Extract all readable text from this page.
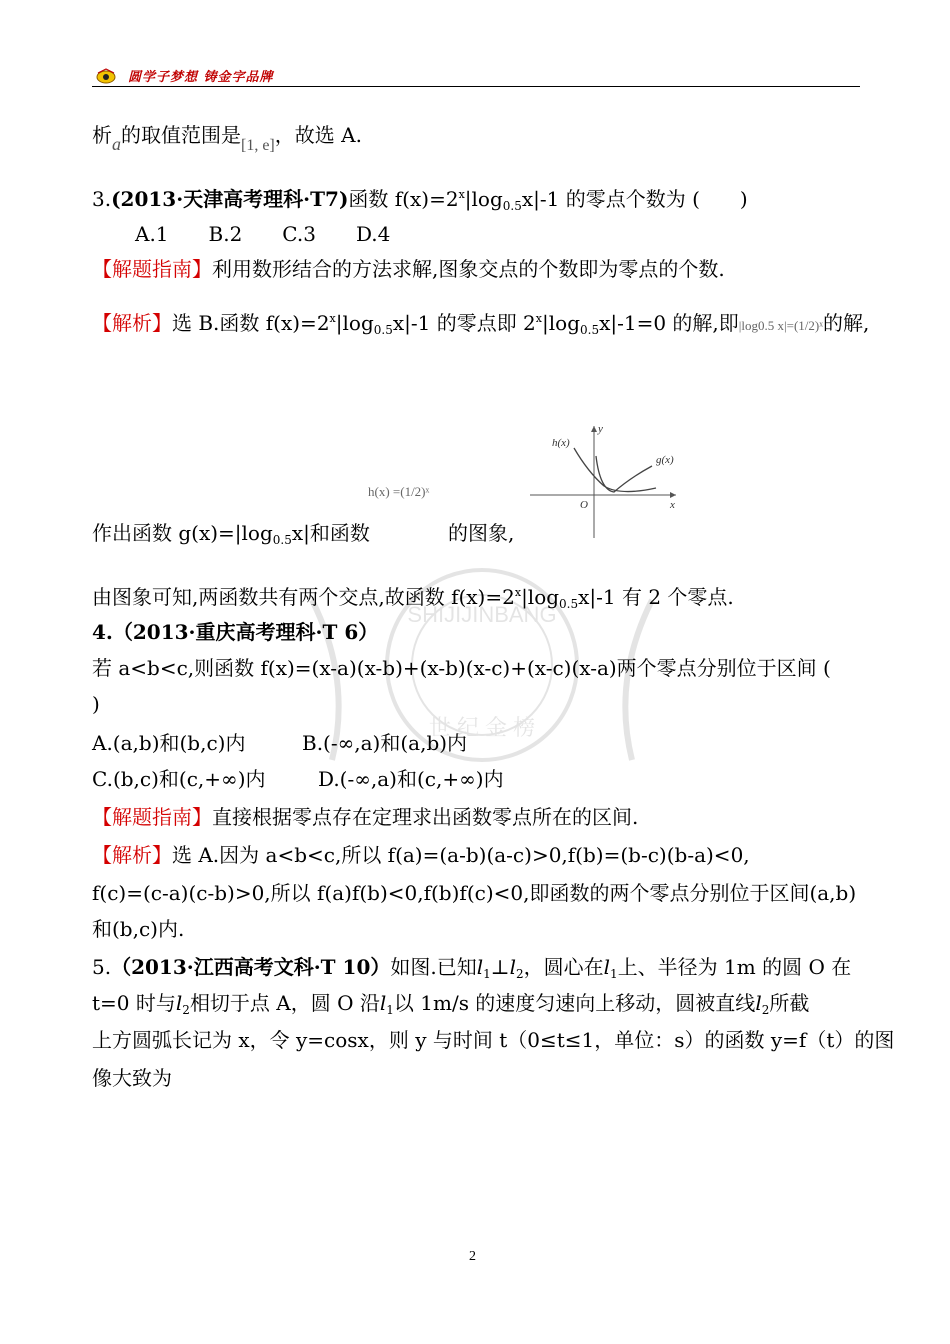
圆学子梦想 铸金字品牌
SHIJIJINBANG
世 纪 金 榜
析a的取值范围是$_{[1, e]}$，故选 A.
3.(2013·天津高考理科·T7)函数 $f(x)=2^x|\log_{0.5}x|-1$ 的零点个数为 (　　)
A.1　　B.2　　C.3　　D.4
【解题指南】利用数形结合的方法求解,图象交点的个数即为零点的个数.
【解析】选 B.函数 $f(x)=2^x|\log_{0.5}x|-1$ 的零点即 $2^x|\log_{0.5}x|-1=0$ 的解,即|log0.5 x|=(1/2)ˣ的解,
h(x) =(1/2)ˣ
h(x)
y
g(x)
x
O
作出函数 $g(x)=|\log_{0.5}x|$和函数	的图象,
由图象可知,两函数共有两个交点,故函数 $f(x)=2^x|\log_{0.5}x|-1$ 有 2 个零点.
4.（2013·重庆高考理科·T 6）
若 a<b<c,则函数 f(x)=(x-a)(x-b)+(x-b)(x-c)+(x-c)(x-a)两个零点分别位于区间 (
)
A.(a,b)和(b,c)内	B.(-∞,a)和(a,b)内
C.(b,c)和(c,+∞)内	D.(-∞,a)和(c,+∞)内
【解题指南】直接根据零点存在定理求出函数零点所在的区间.
【解析】选 A.因为 a<b<c,所以 f(a)=(a-b)(a-c)>0,f(b)=(b-c)(b-a)<0,
f(c)=(c-a)(c-b)>0,所以 f(a)f(b)<0,f(b)f(c)<0,即函数的两个零点分别位于区间(a,b)
和(b,c)内.
5.（2013·江西高考文科·T 10）如图.已知$l_1\perp l_2$，圆心在$l_1$上、半径为 1m 的圆 O 在
t=0 时与$l_2$相切于点 A，圆 O 沿$l_1$以 1m/s 的速度匀速向上移动，圆被直线$l_2$所截
上方圆弧长记为 x，令 y=cosx，则 y 与时间 t（0≤t≤1，单位：s）的函数 y=f（t）的图
像大致为
2
